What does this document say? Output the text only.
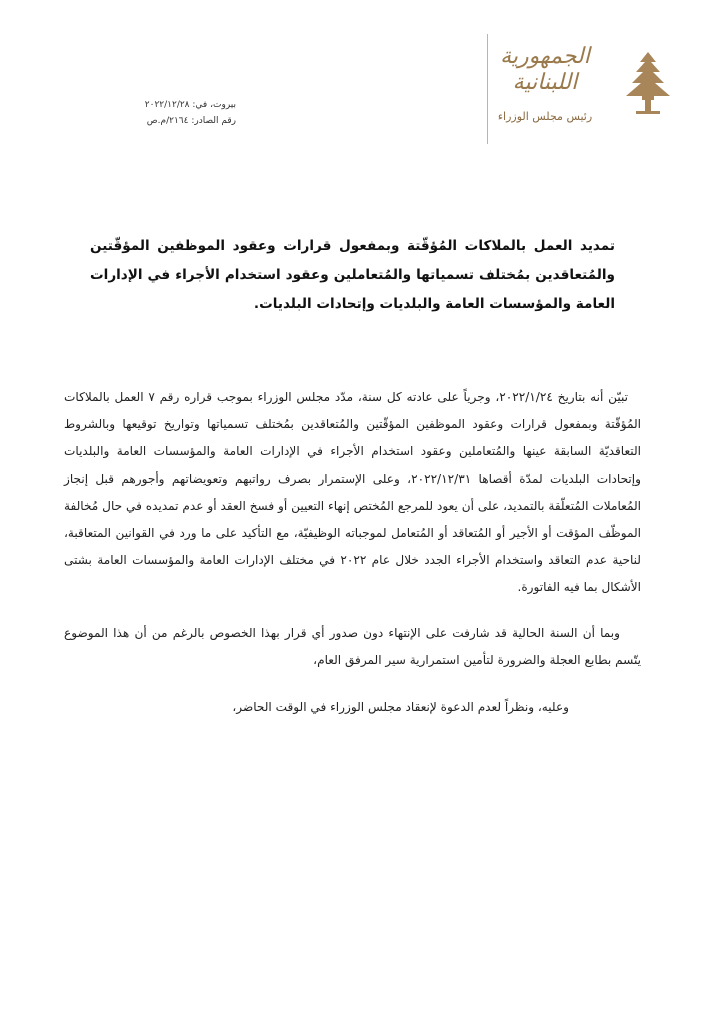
الجمهورية
اللبنانية
رئيس مجلس الوزراء
بيروت، في: ٢٠٢٢/١٢/٢٨
رقم الصادر: ٢١٦٤/م.ص
تمديد العمل بالملاكات المُؤقّتة وبمفعول قرارات وعقود الموظفين المؤقّتين والمُتعاقدين بمُختلف تسمياتها والمُتعاملين وعقود استخدام الأجراء في الإدارات العامة والمؤسسات العامة والبلديات وإتحادات البلديات.

تبيّن أنه بتاريخ ٢٠٢٢/١/٢٤، وجرياً على عادته كل سنة، مدّد مجلس الوزراء بموجب قراره رقم ٧ العمل بالملاكات المُؤقّتة وبمفعول قرارات وعقود الموظفين المؤقّتين والمُتعاقدين بمُختلف تسمياتها وتواريخ توقيعها وبالشروط التعاقديّة السابقة عينها والمُتعاملين وعقود استخدام الأجراء في الإدارات العامة والمؤسسات العامة والبلديات وإتحادات البلديات لمدّة أقصاها ٢٠٢٢/١٢/٣١، وعلى الإستمرار بصرف رواتبهم وتعويضاتهم وأجورهم قبل إنجاز المُعاملات المُتعلّقة بالتمديد، على أن يعود للمرجع المُختص إنهاء التعيين أو فسخ العقد أو عدم تمديده في حال مُخالفة الموظّف المؤقت أو الأجير أو المُتعاقد أو المُتعامل لموجباته الوظيفيّة، مع التأكيد على ما ورد في القوانين المتعاقبة، لناحية عدم التعاقد واستخدام الأجراء الجدد خلال عام ٢٠٢٢ في مختلف الإدارات العامة والمؤسسات العامة بشتى الأشكال بما فيه الفاتورة.

وبما أن السنة الحالية قد شارفت على الإنتهاء دون صدور أي قرار بهذا الخصوص بالرغم من أن هذا الموضوع يتّسم بطابع العجلة والضرورة لتأمين استمرارية سير المرفق العام،

وعليه، ونظراً لعدم الدعوة لإنعقاد مجلس الوزراء في الوقت الحاضر،
